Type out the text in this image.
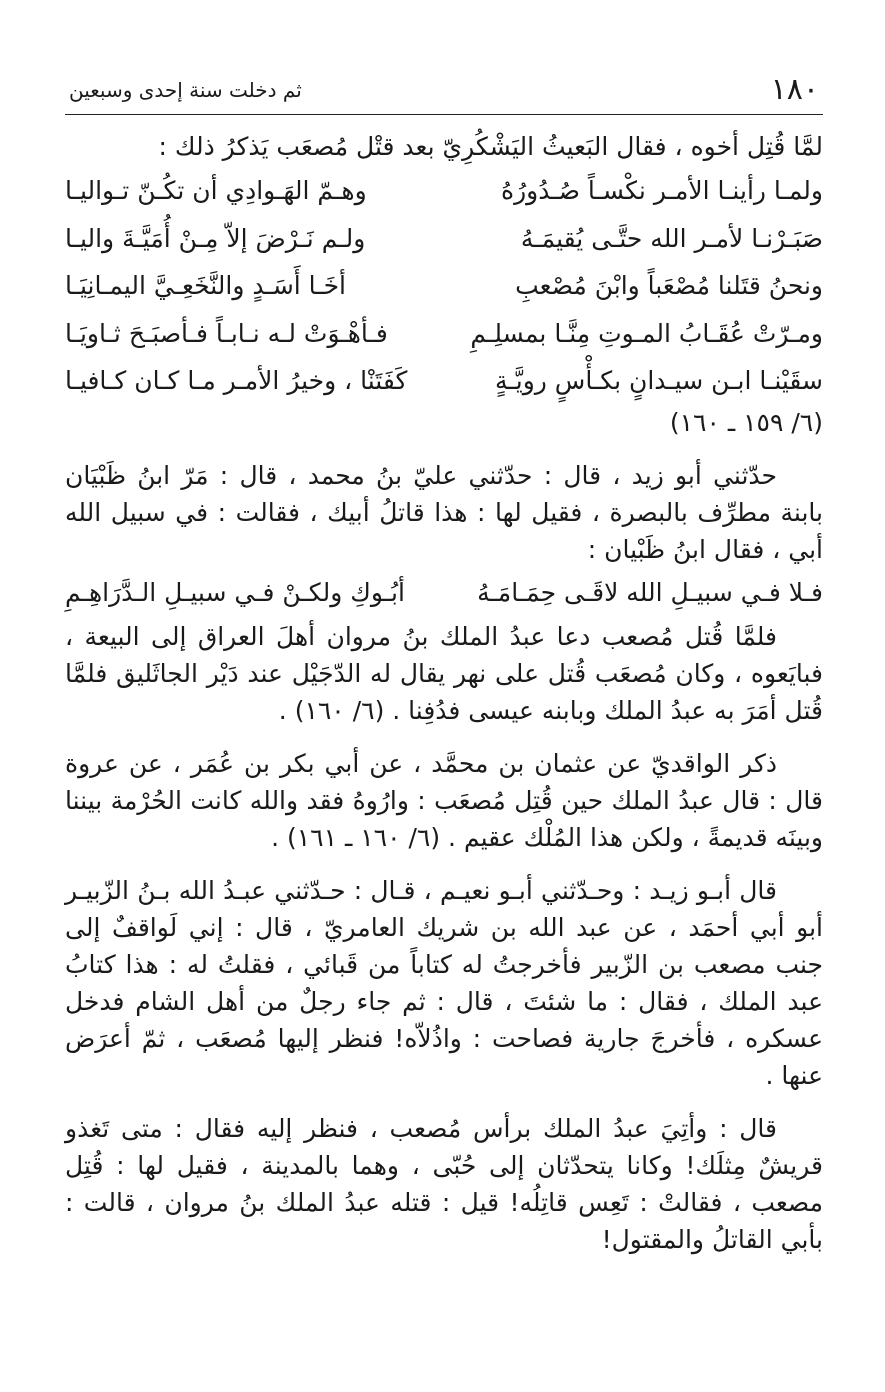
١٨٠
ثم دخلت سنة إحدى وسبعين

لمَّا قُتِل أخوه ، فقال البَعيثُ اليَشْكُرِيّ بعد قتْل مُصعَب يَذكرُ ذلك :

ولمـا رأينـا الأمـر نكْسـاً صُـدُورُهُ
وهـمّ الهَـوادِي أن تكُـنّ تـواليـا
صَبَـرْنـا لأمـر الله حتَّـى يُقيمَـهُ
ولـم نَـرْضَ إلاّ مِـنْ أُمَيَّـةَ واليـا
ونحنُ قتَلنا مُصْعَباً وابْنَ مُصْعبِ
أخَـا أَسَـدٍ والنَّخَعِـيَّ اليمـانِيَـا
ومـرّتْ عُقَـابُ المـوتِ مِنَّـا بمسلِـمِ
فـأهْـوَتْ لـه نـابـاً فـأصبَـحَ ثـاويَـا
سقَيْنـا ابـن سيـدانٍ بكـأْسٍ رويَّـةٍ
كَفَتَنْا ، وخيرُ الأمـر مـا كـان كـافيـا
(٦/ ١٥٩ ـ ١٦٠)

حدّثني أبو زيد ، قال : حدّثني عليّ بنُ محمد ، قال : مَرّ ابنُ ظَبْيَان بابنة مطرِّف بالبصرة ، فقيل لها : هذا قاتلُ أبيك ، فقالت : في سبيل الله أبي ، فقال ابنُ ظَبْيان :

فـلا فـي سبيـلِ الله لاقَـى حِمَـامَـهُ
أبُـوكِ ولكـنْ فـي سبيـلِ الـدَّرَاهِـمِ

فلمَّا قُتل مُصعب دعا عبدُ الملك بنُ مروان أهلَ العراق إلى البيعة ، فبايَعوه ، وكان مُصعَب قُتل على نهر يقال له الدّجَيْل عند دَيْر الجاثَليق فلمَّا قُتل أمَرَ به عبدُ الملك وبابنه عيسى فدُفِنا . (٦/ ١٦٠) .

ذكر الواقديّ عن عثمان بن محمَّد ، عن أبي بكر بن عُمَر ، عن عروة قال : قال عبدُ الملك حين قُتِل مُصعَب : وارُوهُ فقد والله كانت الحُرْمة بيننا وبينَه قديمةً ، ولكن هذا المُلْك عقيم . (٦/ ١٦٠ ـ ١٦١) .

قال أبـو زيـد : وحـدّثني أبـو نعيـم ، قـال : حـدّثني عبـدُ الله بـنُ الزّبيـر أبو أبي أحمَد ، عن عبد الله بن شريك العامريّ ، قال : إني لَواقفٌ إلى جنب مصعب بن الزّبير فأخرجتُ له كتاباً من قَبائي ، فقلتُ له : هذا كتابُ عبد الملك ، فقال : ما شئتَ ، قال : ثم جاء رجلٌ من أهل الشام فدخل عسكره ، فأخرجَ جارية فصاحت : واذُلاّه! فنظر إليها مُصعَب ، ثمّ أعرَض عنها .

قال : وأتِيَ عبدُ الملك برأس مُصعب ، فنظر إليه فقال : متى تَغذو قريشٌ مِثلَك! وكانا يتحدّثان إلى حُبّى ، وهما بالمدينة ، فقيل لها : قُتِل مصعب ، فقالتْ : تَعِس قاتِلُه! قيل : قتله عبدُ الملك بنُ مروان ، قالت : بأبي القاتلُ والمقتول!
